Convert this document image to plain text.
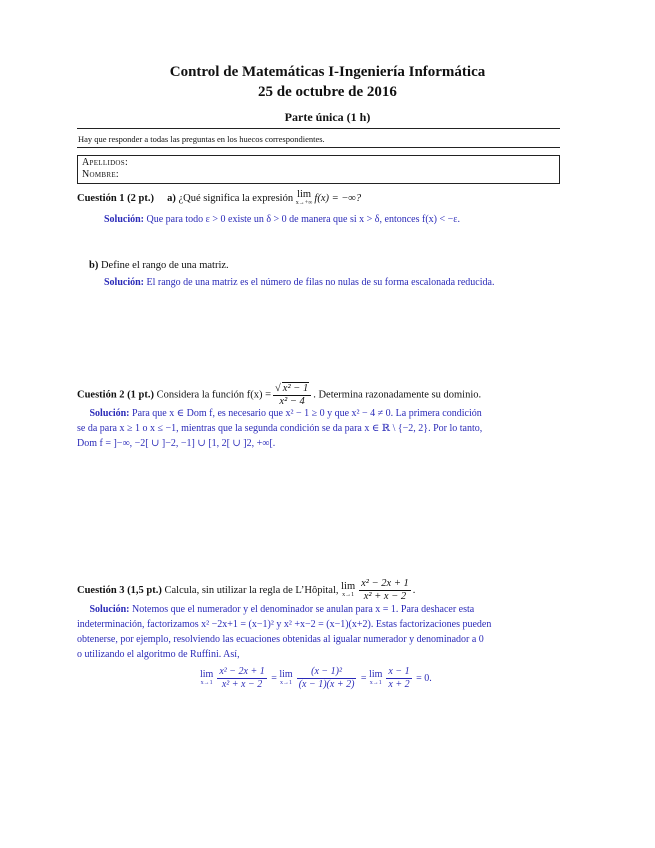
Control de Matemáticas I-Ingeniería Informática
25 de octubre de 2016
Parte única (1 h)
Hay que responder a todas las preguntas en los huecos correspondientes.
Apellidos:
Nombre:
Cuestión 1 (2 pt.) a) ¿Qué significa la expresión lim
x→+∞ f(x) = −∞?
Solución: Que para todo ε > 0 existe un δ > 0 de manera que si x > δ, entonces f(x) < −ε.
b) Define el rango de una matriz.
Solución: El rango de una matriz es el número de filas no nulas de su forma escalonada reducida.
Cuestión 2 (1 pt.) Considera la función $f(x) = \frac{\text{√ x² − 1}}{\text{x² − 4}}$ . Determina razonadamente su dominio.
Solución: Para que x ∈ Dom f, es necesario que x² − 1 ≥ 0 y que x² − 4 ≠ 0. La primera condición
se da para x ≥ 1 o x ≤ −1, mientras que la segunda condición se da para x ∈ ℝ \ {−2, 2}. Por lo tanto,
Dom f = ]−∞, −2[ ∪ ]−2, −1] ∪ [1, 2[ ∪ ]2, +∞[.
Cuestión 3 (1,5 pt.) Calcula, sin utilizar la regla de L’Hôpital, lim
$x\to 1 \frac{\text{x² − 2x + 1}}{\text{x² + x − 2}}$ .
Solución: Notemos que el numerador y el denominador se anulan para x = 1. Para deshacer esta
indeterminación, factorizamos x² −2x+1 = (x−1)² y x² +x−2 = (x−1)(x+2). Estas factorizaciones pueden
obtenerse, por ejemplo, resolviendo las ecuaciones obtenidas al igualar numerador y denominador a 0
o utilizando el algoritmo de Ruffini. Así,
lim
$x\to 1 \frac{\text{x² − 2x + 1}}{\text{x² + x − 2}} = \lim$
$x\to 1 \frac{\text{(x − 1)²}}{(x - 1)(x + 2)} = \lim$
$x\to 1 \frac{x - 1}{x + 2} = 0$.
